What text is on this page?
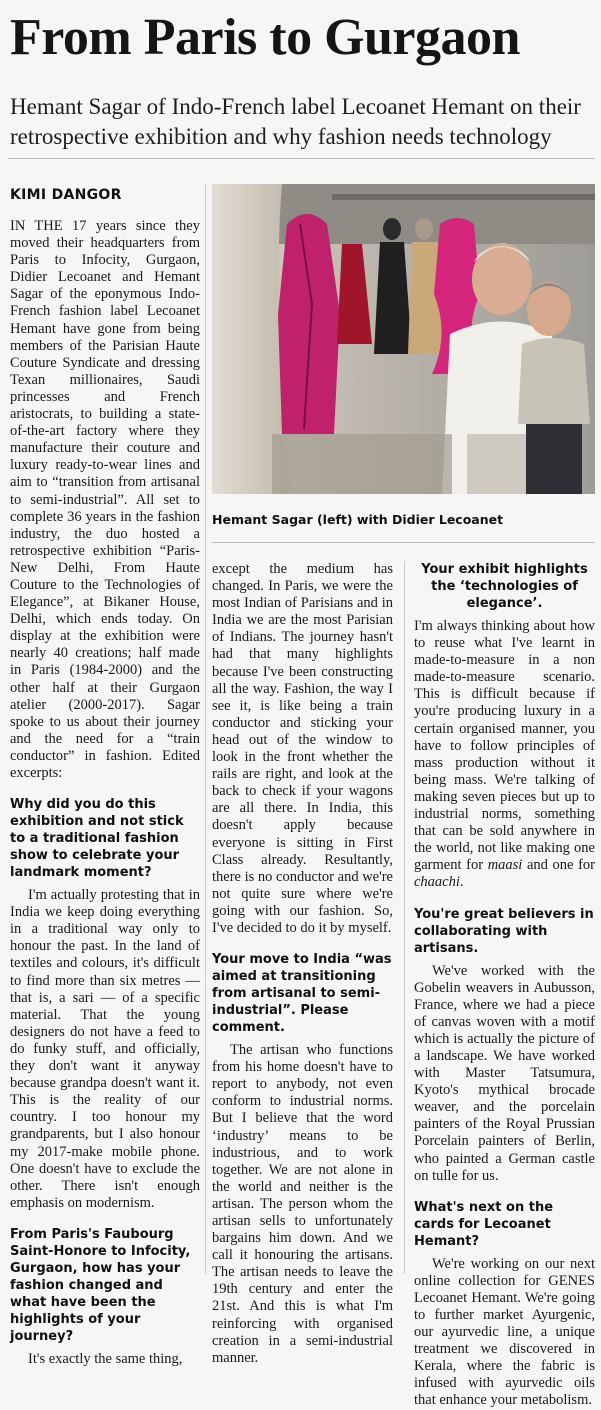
From Paris to Gurgaon
Hemant Sagar of Indo-French label Lecoanet Hemant on their retrospective exhibition and why fashion needs technology
KIMI DANGOR

IN THE 17 years since they moved their headquarters from Paris to Infocity, Gurgaon, Didier Lecoanet and Hemant Sagar of the eponymous Indo-French fashion label Lecoanet Hemant have gone from being members of the Parisian Haute Couture Syndicate and dressing Texan millionaires, Saudi princesses and French aristocrats, to building a state-of-the-art factory where they manufacture their couture and luxury ready-to-wear lines and aim to “transition from artisanal to semi-industrial”. All set to complete 36 years in the fashion industry, the duo hosted a retrospective exhibition “Paris-New Delhi, From Haute Couture to the Technologies of Elegance”, at Bikaner House, Delhi, which ends today. On display at the exhibition were nearly 40 creations; half made in Paris (1984-2000) and the other half at their Gurgaon atelier (2000-2017). Sagar spoke to us about their journey and the need for a “train conductor” in fashion. Edited excerpts:

Why did you do this exhibition and not stick to a traditional fashion show to celebrate your landmark moment?

I'm actually protesting that in India we keep doing everything in a traditional way only to honour the past. In the land of textiles and colours, it's difficult to find more than six metres — that is, a sari — of a specific material. That the young designers do not have a feed to do funky stuff, and officially, they don't want it anyway because grandpa doesn't want it. This is the reality of our country. I too honour my grandparents, but I also honour my 2017-make mobile phone. One doesn't have to exclude the other. There isn't enough emphasis on modernism.

From Paris's Faubourg Saint-Honore to Infocity, Gurgaon, how has your fashion changed and what have been the highlights of your journey?

It's exactly the same thing,

Hemant Sagar (left) with Didier Lecoanet

except the medium has changed. In Paris, we were the most Indian of Parisians and in India we are the most Parisian of Indians. The journey hasn't had that many highlights because I've been constructing all the way. Fashion, the way I see it, is like being a train conductor and sticking your head out of the window to look in the front whether the rails are right, and look at the back to check if your wagons are all there. In India, this doesn't apply because everyone is sitting in First Class already. Resultantly, there is no conductor and we're not quite sure where we're going with our fashion. So, I've decided to do it by myself.

Your move to India “was aimed at transitioning from artisanal to semi-industrial”. Please comment.

The artisan who functions from his home doesn't have to report to anybody, not even conform to industrial norms. But I believe that the word ‘industry’ means to be industrious, and to work together. We are not alone in the world and neither is the artisan. The person whom the artisan sells to unfortunately bargains him down. And we call it honouring the artisans. The artisan needs to leave the 19th century and enter the 21st. And this is what I'm reinforcing with organised creation in a semi-industrial manner.

Your exhibit highlights the ‘technologies of elegance’.

I'm always thinking about how to reuse what I've learnt in made-to-measure in a non made-to-measure scenario. This is difficult because if you're producing luxury in a certain organised manner, you have to follow principles of mass production without it being mass. We're talking of making seven pieces but up to industrial norms, something that can be sold anywhere in the world, not like making one garment for maasi and one for chaachi.

You're great believers in collaborating with artisans.

We've worked with the Gobelin weavers in Aubusson, France, where we had a piece of canvas woven with a motif which is actually the picture of a landscape. We have worked with Master Tatsumura, Kyoto's mythical brocade weaver, and the porcelain painters of the Royal Prussian Porcelain painters of Berlin, who painted a German castle on tulle for us.

What's next on the cards for Lecoanet Hemant?

We're working on our next online collection for GENES Lecoanet Hemant. We're going to further market Ayurgenic, our ayurvedic line, a unique treatment we discovered in Kerala, where the fabric is infused with ayurvedic oils that enhance your metabolism.
